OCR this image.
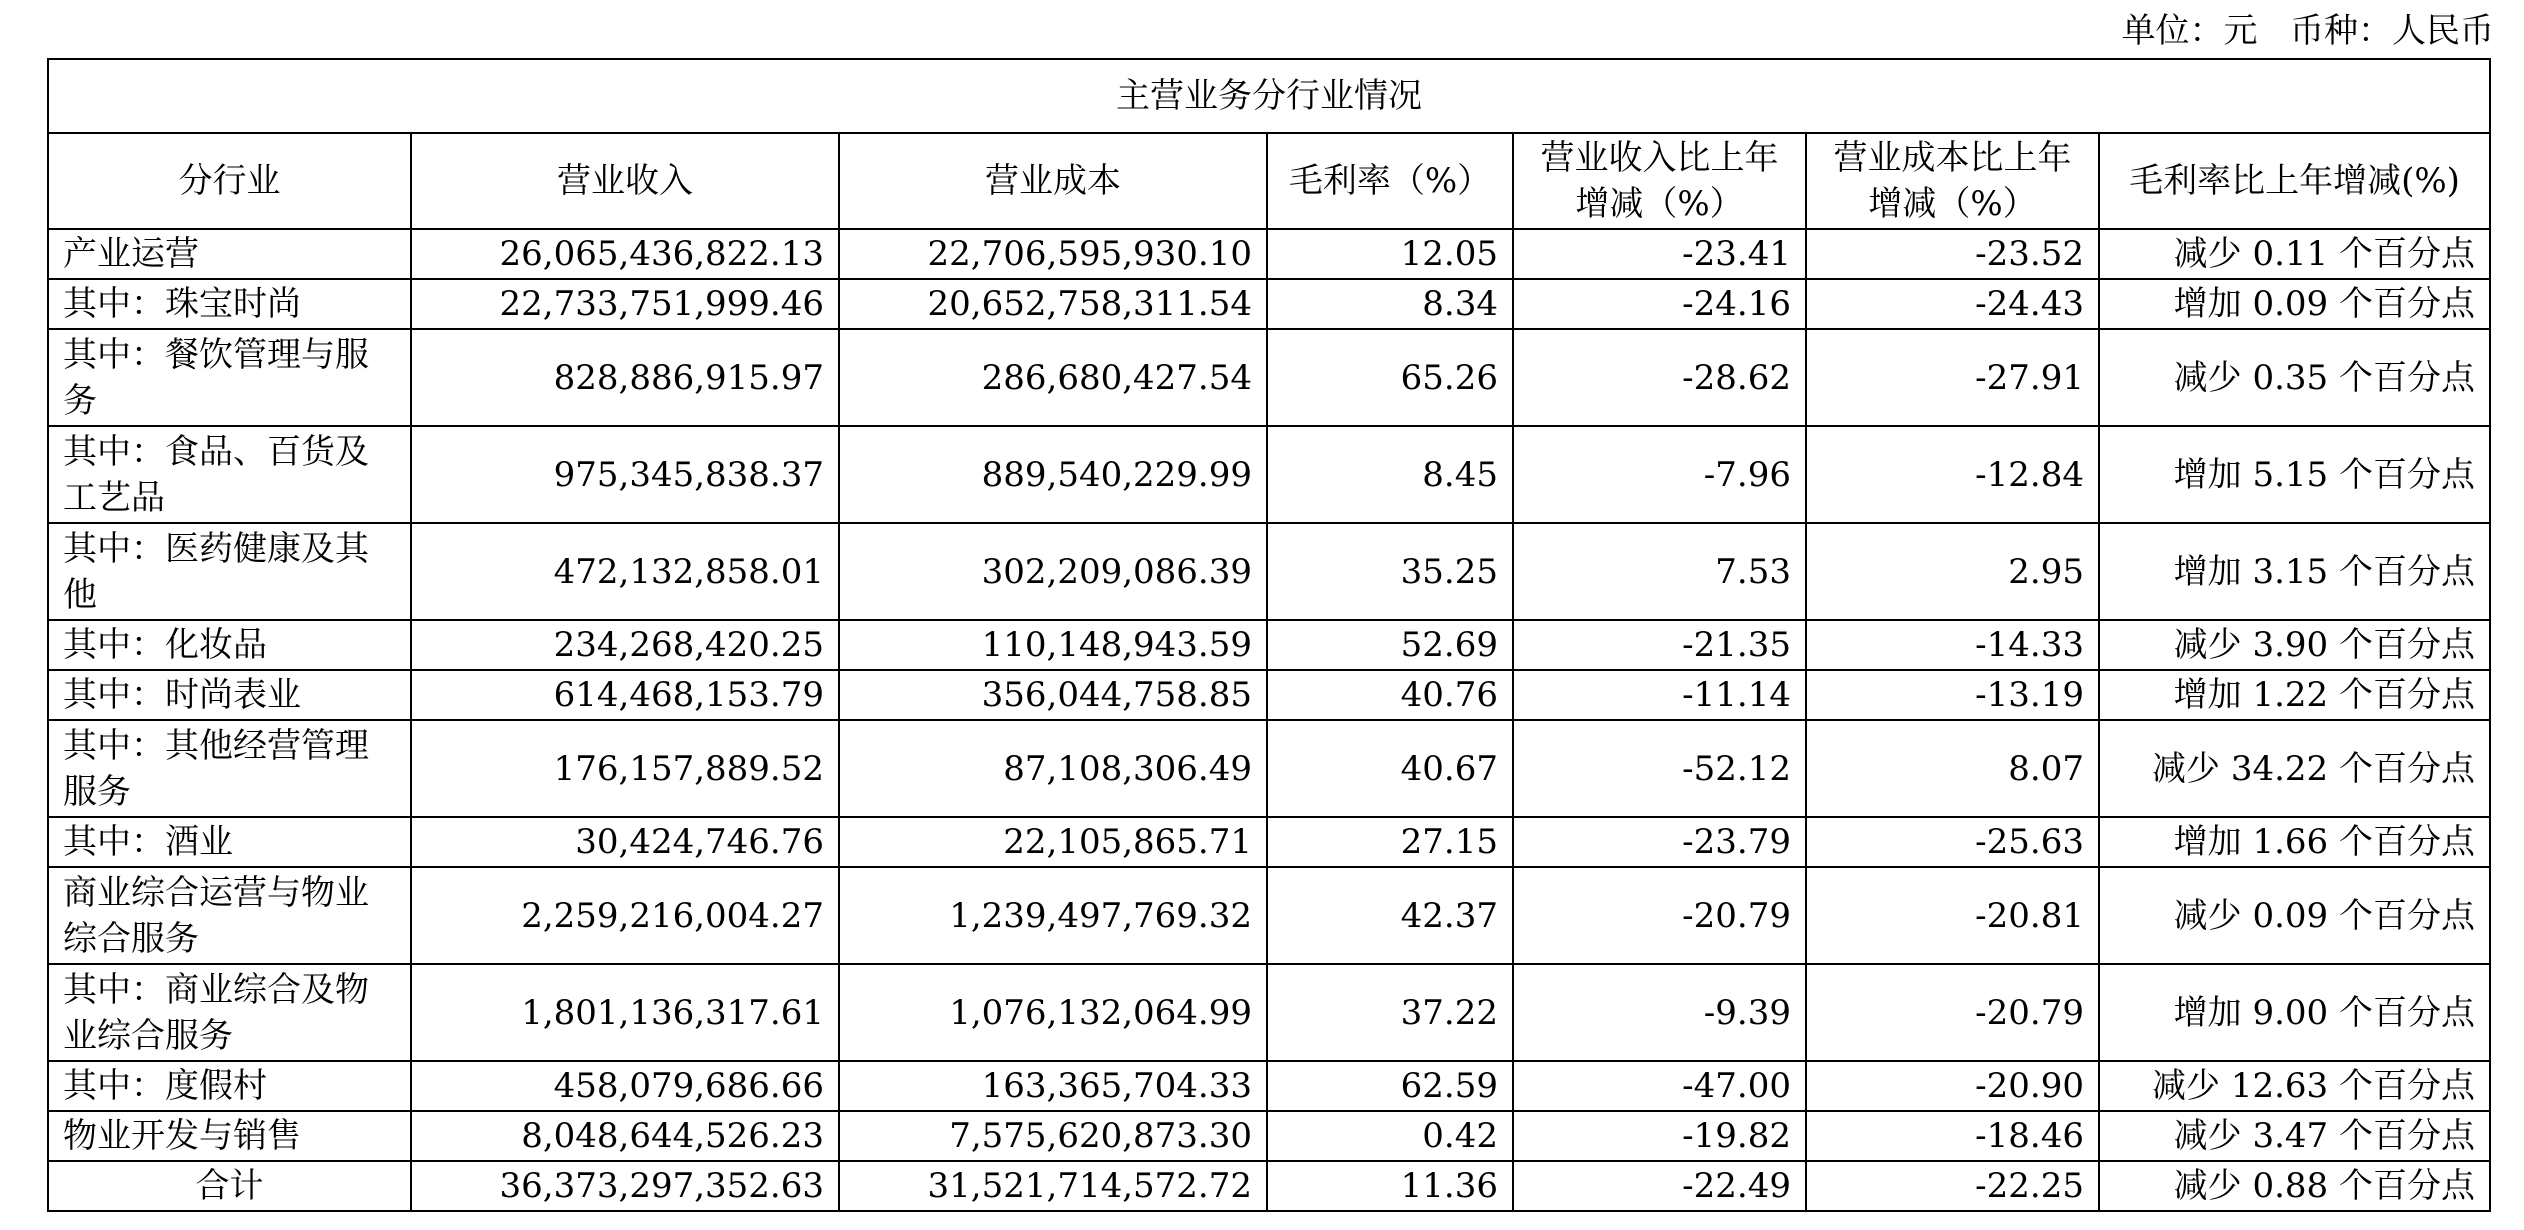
单位：元   币种：人民币
主营业务分行业情况						
分行业	营业收入	营业成本	毛利率（%）	营业收入比上年增减（%）	营业成本比上年增减（%）	毛利率比上年增减(%)
产业运营	26,065,436,822.13	22,706,595,930.10	12.05	-23.41	-23.52	减少 0.11 个百分点
其中：珠宝时尚	22,733,751,999.46	20,652,758,311.54	8.34	-24.16	-24.43	增加 0.09 个百分点
其中：餐饮管理与服务	828,886,915.97	286,680,427.54	65.26	-28.62	-27.91	减少 0.35 个百分点
其中：食品、百货及工艺品	975,345,838.37	889,540,229.99	8.45	-7.96	-12.84	增加 5.15 个百分点
其中：医药健康及其他	472,132,858.01	302,209,086.39	35.25	7.53	2.95	增加 3.15 个百分点
其中：化妆品	234,268,420.25	110,148,943.59	52.69	-21.35	-14.33	减少 3.90 个百分点
其中：时尚表业	614,468,153.79	356,044,758.85	40.76	-11.14	-13.19	增加 1.22 个百分点
其中：其他经营管理服务	176,157,889.52	87,108,306.49	40.67	-52.12	8.07	减少 34.22 个百分点
其中：酒业	30,424,746.76	22,105,865.71	27.15	-23.79	-25.63	增加 1.66 个百分点
商业综合运营与物业综合服务	2,259,216,004.27	1,239,497,769.32	42.37	-20.79	-20.81	减少 0.09 个百分点
其中：商业综合及物业综合服务	1,801,136,317.61	1,076,132,064.99	37.22	-9.39	-20.79	增加 9.00 个百分点
其中：度假村	458,079,686.66	163,365,704.33	62.59	-47.00	-20.90	减少 12.63 个百分点
物业开发与销售	8,048,644,526.23	7,575,620,873.30	0.42	-19.82	-18.46	减少 3.47 个百分点
合计	36,373,297,352.63	31,521,714,572.72	11.36	-22.49	-22.25	减少 0.88 个百分点
